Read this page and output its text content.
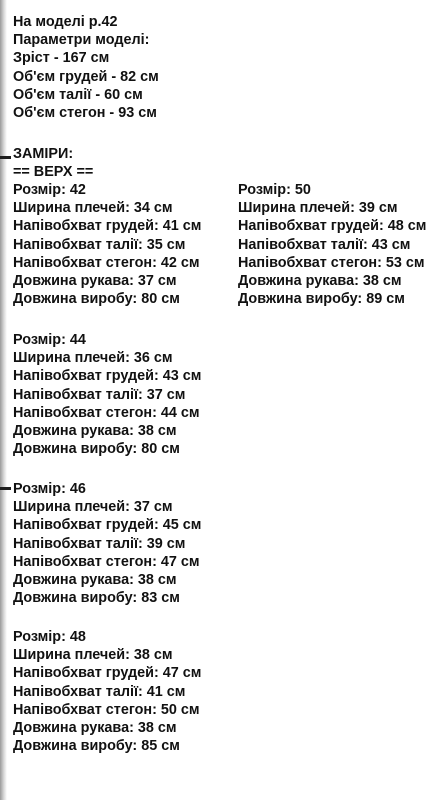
На моделі р.42
Параметри моделі:
Зріст - 167 см
Об'єм грудей - 82 см
Об'єм талії - 60 см
Об'єм стегон - 93 см
ЗАМІРИ:
== ВЕРХ ==
Розмір: 42
Ширина плечей: 34 см
Напівобхват грудей: 41 см
Напівобхват талії: 35 см
Напівобхват стегон: 42 см
Довжина рукава: 37 см
Довжина виробу: 80 см
Розмір: 50
Ширина плечей: 39 см
Напівобхват грудей: 48 см
Напівобхват талії: 43 см
Напівобхват стегон: 53 см
Довжина рукава: 38 см
Довжина виробу: 89 см
Розмір: 44
Ширина плечей: 36 см
Напівобхват грудей: 43 см
Напівобхват талії: 37 см
Напівобхват стегон: 44 см
Довжина рукава: 38 см
Довжина виробу: 80 см
Розмір: 46
Ширина плечей: 37 см
Напівобхват грудей: 45 см
Напівобхват талії: 39 см
Напівобхват стегон: 47 см
Довжина рукава: 38 см
Довжина виробу: 83 см
Розмір: 48
Ширина плечей: 38 см
Напівобхват грудей: 47 см
Напівобхват талії: 41 см
Напівобхват стегон: 50 см
Довжина рукава: 38 см
Довжина виробу: 85 см
